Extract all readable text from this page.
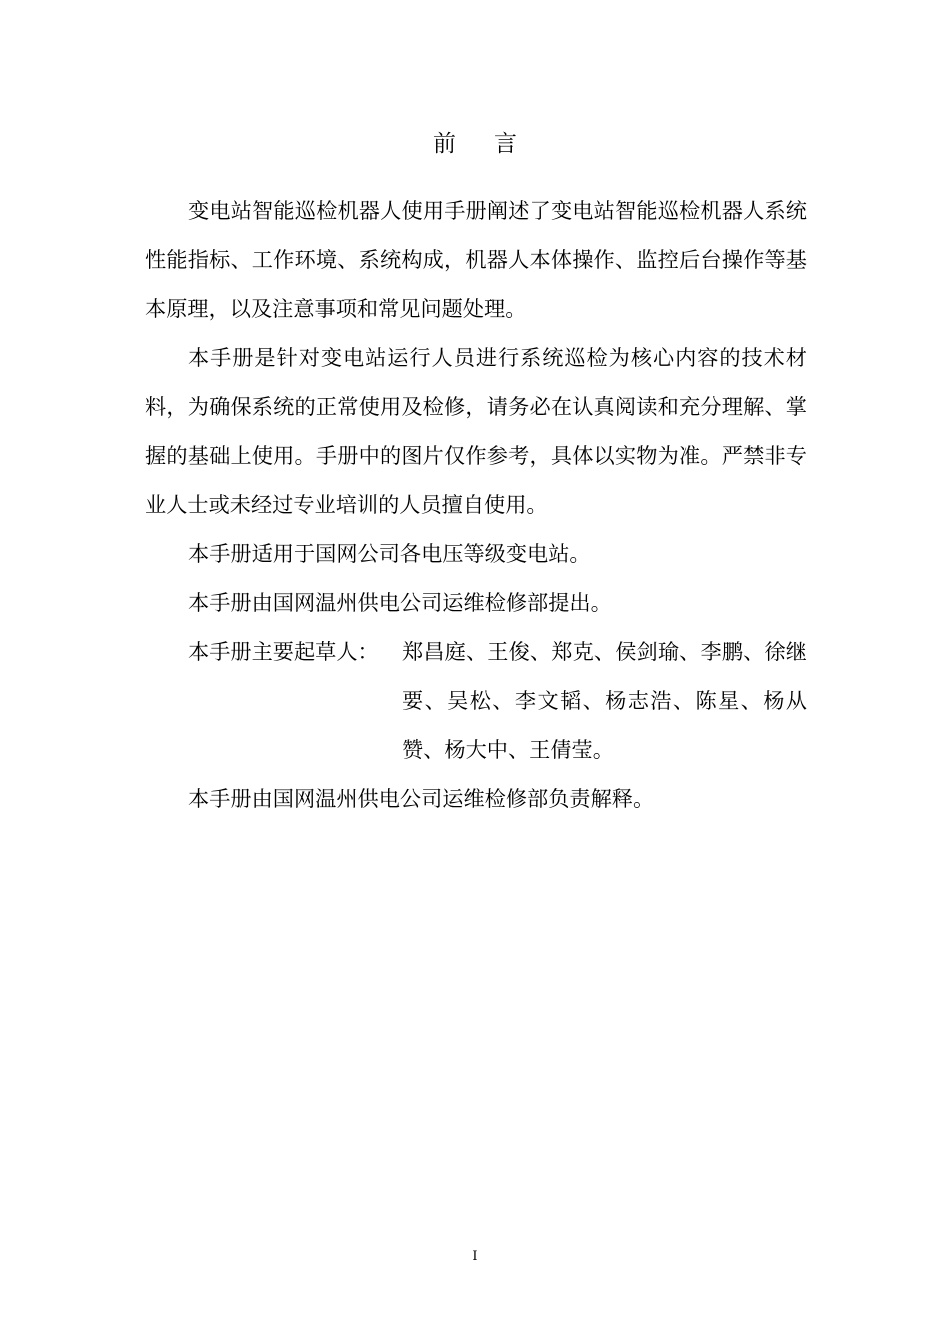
前言

变电站智能巡检机器人使用手册阐述了变电站智能巡检机器人系统性能指标、工作环境、系统构成，机器人本体操作、监控后台操作等基本原理，以及注意事项和常见问题处理。

本手册是针对变电站运行人员进行系统巡检为核心内容的技术材料，为确保系统的正常使用及检修，请务必在认真阅读和充分理解、掌握的基础上使用。手册中的图片仅作参考，具体以实物为准。严禁非专业人士或未经过专业培训的人员擅自使用。

本手册适用于国网公司各电压等级变电站。

本手册由国网温州供电公司运维检修部提出。

本手册主要起草人：	郑昌庭、王俊、郑克、侯剑瑜、李鹏、徐继要、吴松、李文韬、杨志浩、陈星、杨从赞、杨大中、王倩莹。

本手册由国网温州供电公司运维检修部负责解释。

I
